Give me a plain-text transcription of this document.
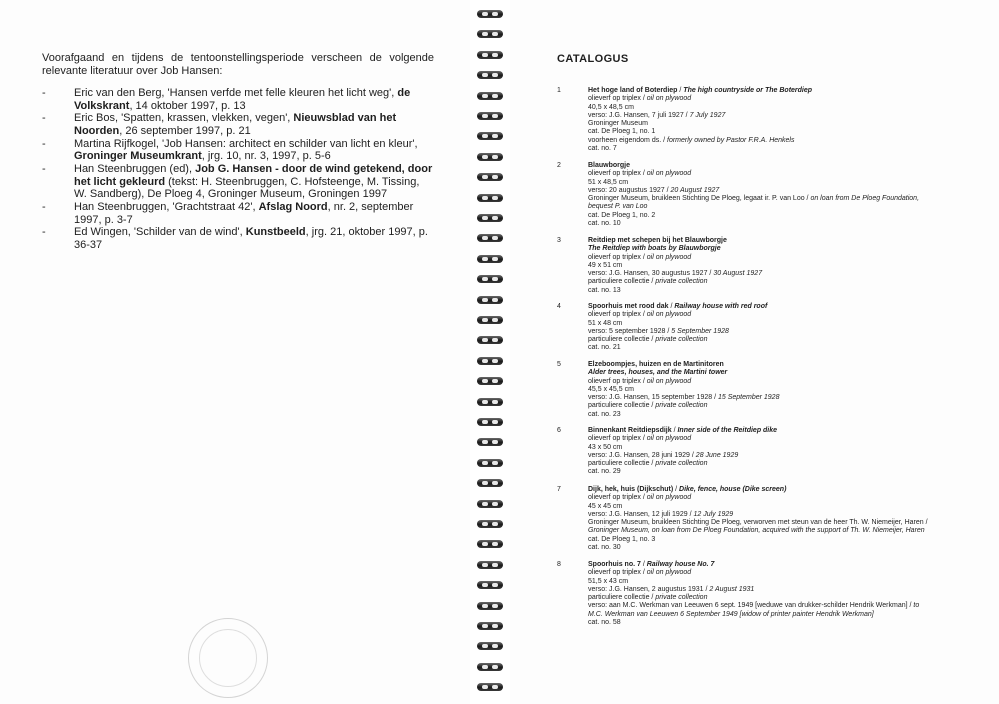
Voorafgaand en tijdens de tentoonstellingsperiode verscheen de volgende relevante literatuur over Job Hansen:

-	Eric van den Berg, 'Hansen verfde met felle kleuren het licht weg', de Volkskrant, 14 oktober 1997, p. 13
-	Eric Bos, 'Spatten, krassen, vlekken, vegen', Nieuwsblad van het Noorden, 26 september 1997, p. 21
-	Martina Rijfkogel, 'Job Hansen: architect en schilder van licht en kleur', Groninger Museumkrant, jrg. 10, nr. 3, 1997, p. 5-6
-	Han Steenbruggen (ed), Job G. Hansen - door de wind getekend, door het licht gekleurd (tekst: H. Steenbruggen, C. Hofsteenge, M. Tissing, W. Sandberg), De Ploeg 4, Groninger Museum, Groningen 1997
-	Han Steenbruggen, 'Grachtstraat 42', Afslag Noord, nr. 2, september 1997, p. 3-7
-	Ed Wingen, 'Schilder van de wind', Kunstbeeld, jrg. 21, oktober 1997, p. 36-37
CATALOGUS
1	Het hoge land of Boterdiep / The high countryside or The Boterdiep
olieverf op triplex / oil on plywood
40,5 x 48,5 cm
verso: J.G. Hansen, 7 juli 1927 / 7 July 1927
Groninger Museum
cat. De Ploeg 1, no. 1
voorheen eigendom ds. / formerly owned by Pastor F.R.A. Henkels
cat. no. 7
2	Blauwborgje
olieverf op triplex / oil on plywood
51 x 48,5 cm
verso: 20 augustus 1927 / 20 August 1927
Groninger Museum, bruikleen Stichting De Ploeg, legaat ir. P. van Loo / on loan from De Ploeg Foundation,
bequest P. van Loo
cat. De Ploeg 1, no. 2
cat. no. 10
3	Reitdiep met schepen bij het Blauwborgje
The Reitdiep with boats by Blauwborgje
olieverf op triplex / oil on plywood
49 x 51 cm
verso: J.G. Hansen, 30 augustus 1927 / 30 August 1927
particuliere collectie / private collection
cat. no. 13
4	Spoorhuis met rood dak / Railway house with red roof
olieverf op triplex / oil on plywood
51 x 48 cm
verso: 5 september 1928 / 5 September 1928
particuliere collectie / private collection
cat. no. 21
5	Elzeboompjes, huizen en de Martinitoren
Alder trees, houses, and the Martini tower
olieverf op triplex / oil on plywood
45,5 x 45,5 cm
verso: J.G. Hansen, 15 september 1928 / 15 September 1928
particuliere collectie / private collection
cat. no. 23
6	Binnenkant Reitdiepsdijk / Inner side of the Reitdiep dike
olieverf op triplex / oil on plywood
43 x 50 cm
verso: J.G. Hansen, 28 juni 1929 / 28 June 1929
particuliere collectie / private collection
cat. no. 29
7	Dijk, hek, huis (Dijkschut) / Dike, fence, house (Dike screen)
olieverf op triplex / oil on plywood
45 x 45 cm
verso: J.G. Hansen, 12 juli 1929 / 12 July 1929
Groninger Museum, bruikleen Stichting De Ploeg, verworven met steun van de heer Th. W. Niemeijer, Haren /
Groninger Museum, on loan from De Ploeg Foundation, acquired with the support of Th. W. Niemeijer, Haren
cat. De Ploeg 1, no. 3
cat. no. 30
8	Spoorhuis no. 7 / Railway house No. 7
olieverf op triplex / oil on plywood
51,5 x 43 cm
verso: J.G. Hansen, 2 augustus 1931 / 2 August 1931
particuliere collectie / private collection
verso: aan M.C. Werkman van Leeuwen 6 sept. 1949 [weduwe van drukker-schilder Hendrik Werkman] / to
M.C. Werkman van Leeuwen 6 September 1949 [widow of printer painter Hendrik Werkman]
cat. no. 58
